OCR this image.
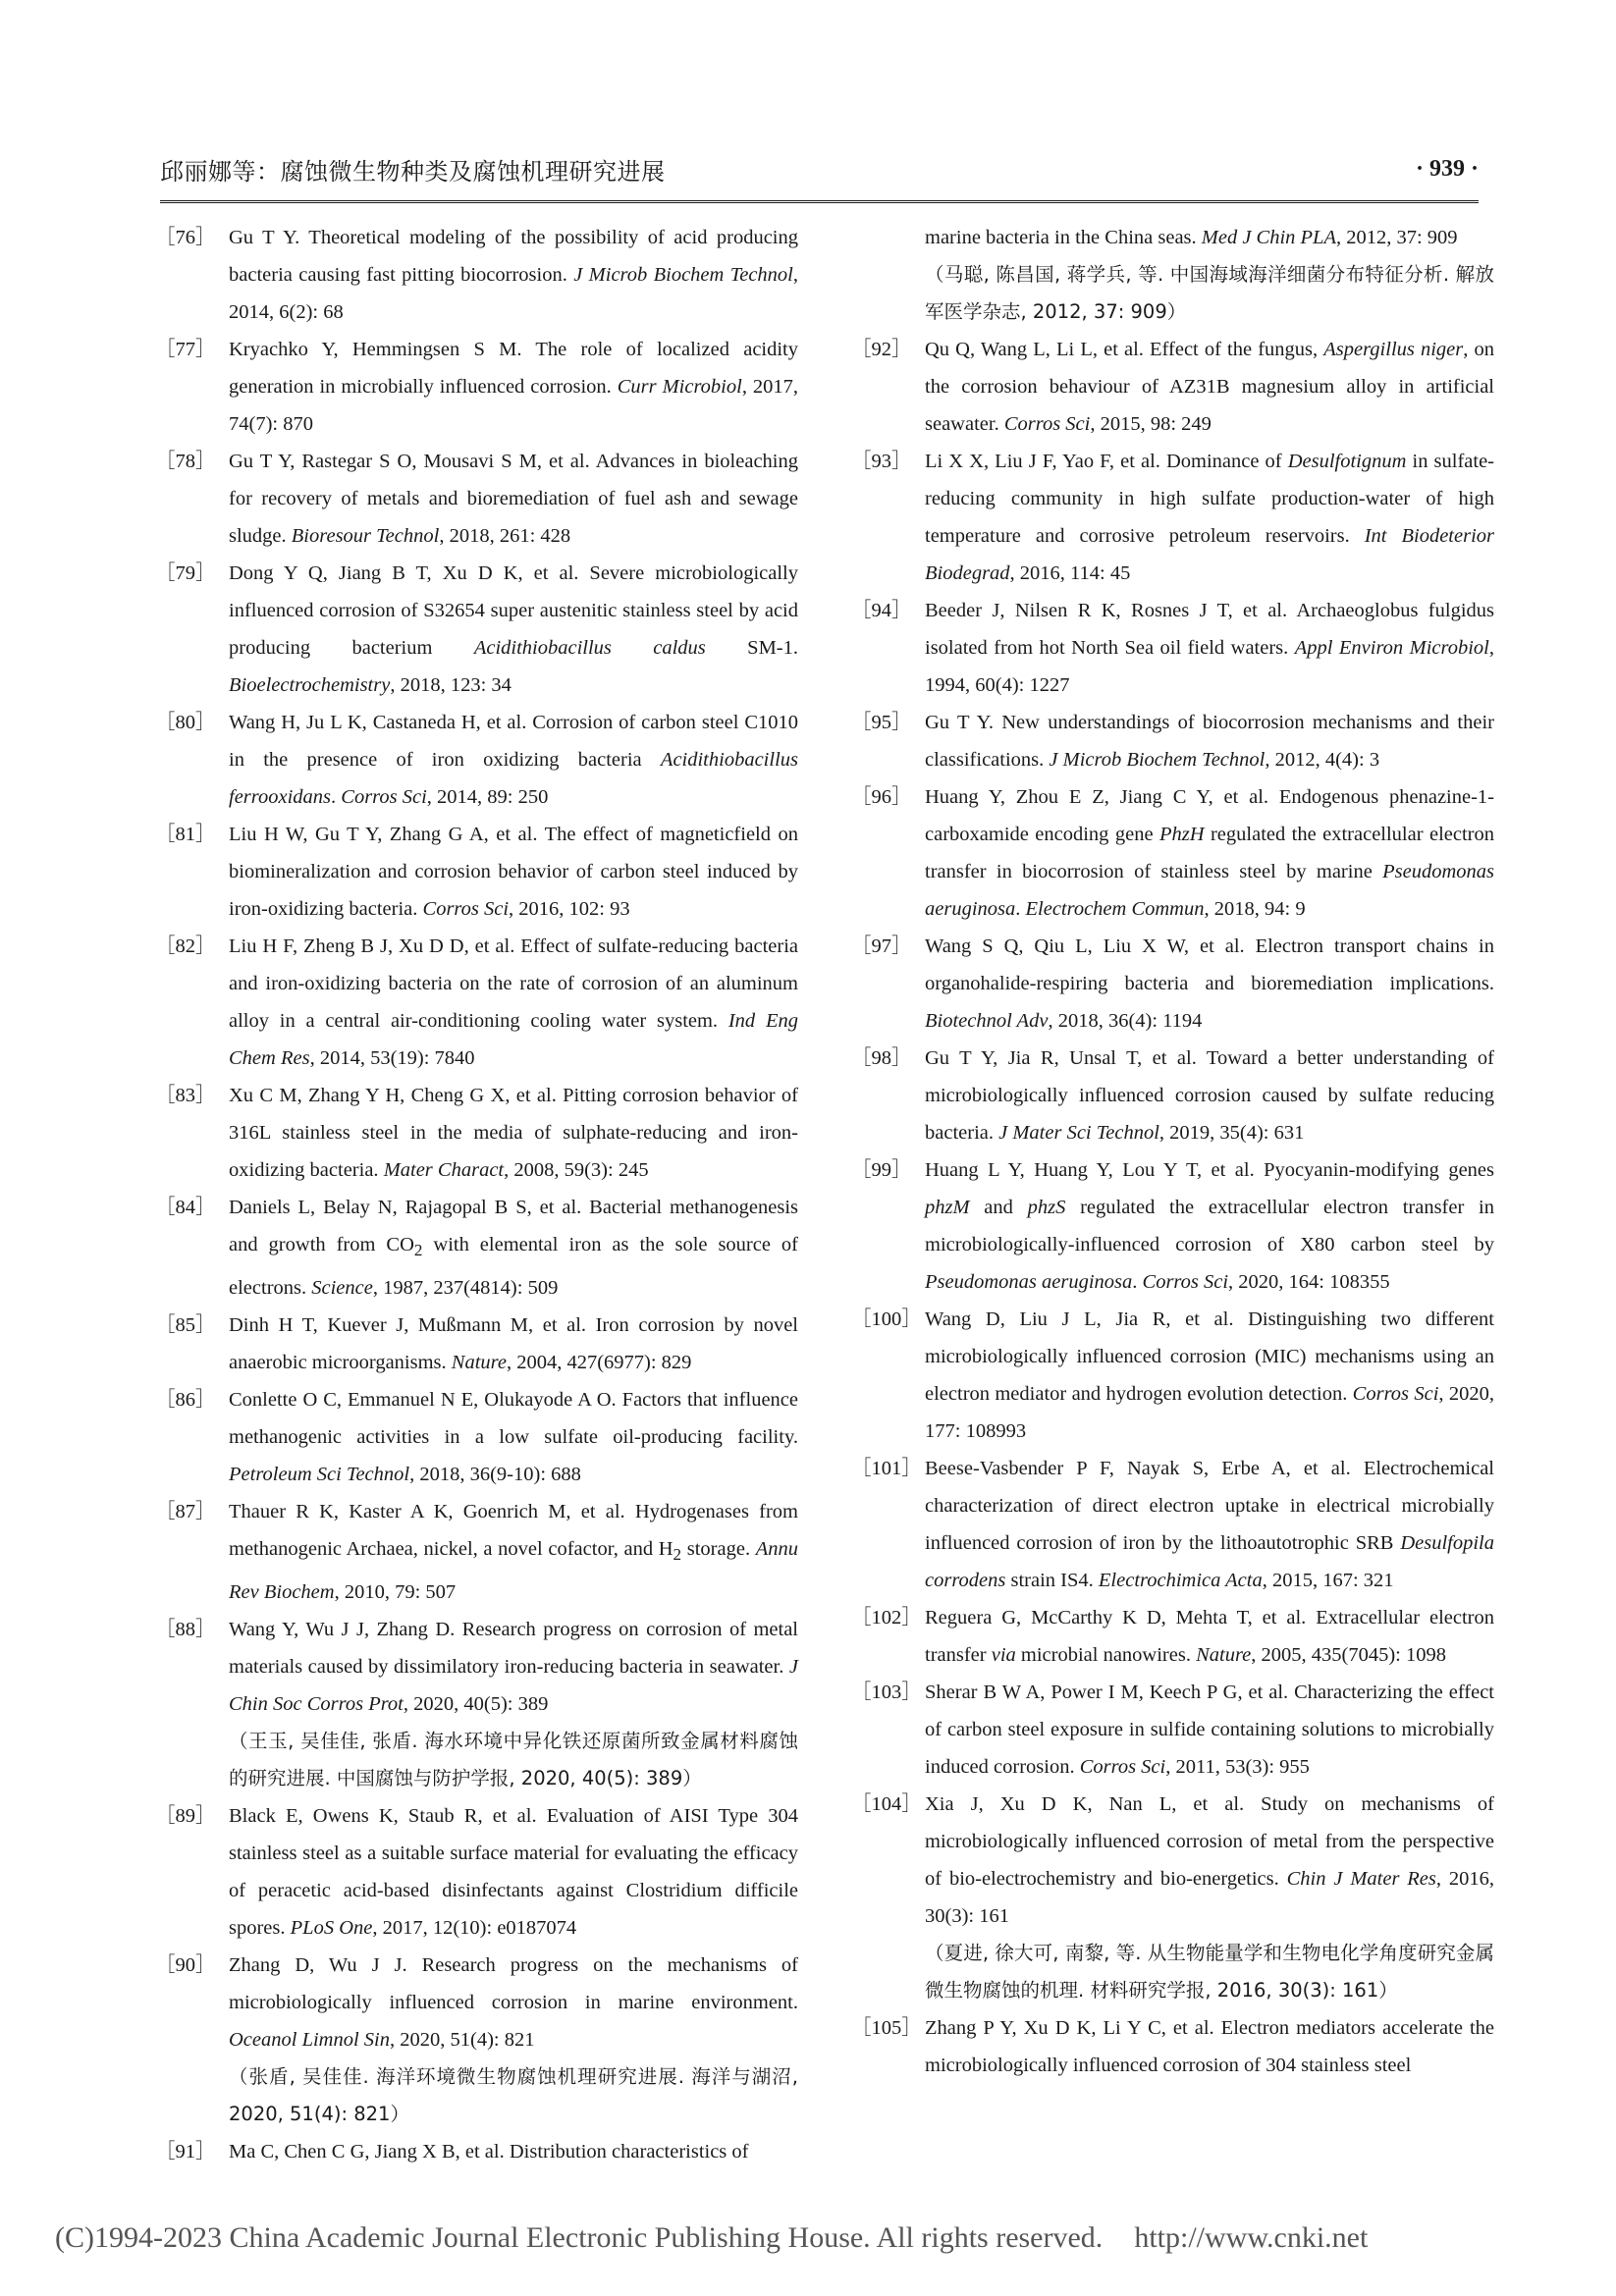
邱丽娜等：腐蚀微生物种类及腐蚀机理研究进展	· 939 ·
［ 76 ］	Gu T Y. Theoretical modeling of the possibility of acid producing bacteria causing fast pitting biocorrosion. J Microb Biochem Technol, 2014, 6(2): 68
［ 77 ］	Kryachko Y, Hemmingsen S M. The role of localized acidity generation in microbially influenced corrosion. Curr Microbiol, 2017, 74(7): 870
［ 78 ］	Gu T Y, Rastegar S O, Mousavi S M, et al. Advances in bioleaching for recovery of metals and bioremediation of fuel ash and sewage sludge. Bioresour Technol, 2018, 261: 428
［ 79 ］	Dong Y Q, Jiang B T, Xu D K, et al. Severe microbiologically influenced corrosion of S32654 super austenitic stainless steel by acid producing bacterium Acidithiobacillus caldus SM-1. Bioelectrochemistry, 2018, 123: 34
［ 80 ］	Wang H, Ju L K, Castaneda H, et al. Corrosion of carbon steel C1010 in the presence of iron oxidizing bacteria Acidithiobacillus ferrooxidans. Corros Sci, 2014, 89: 250
［ 81 ］	Liu H W, Gu T Y, Zhang G A, et al. The effect of magneticfield on biomineralization and corrosion behavior of carbon steel induced by iron-oxidizing bacteria. Corros Sci, 2016, 102: 93
［ 82 ］	Liu H F, Zheng B J, Xu D D, et al. Effect of sulfate-reducing bacteria and iron-oxidizing bacteria on the rate of corrosion of an aluminum alloy in a central air-conditioning cooling water system. Ind Eng Chem Res, 2014, 53(19): 7840
［ 83 ］	Xu C M, Zhang Y H, Cheng G X, et al. Pitting corrosion behavior of 316L stainless steel in the media of sulphate-reducing and iron-oxidizing bacteria. Mater Charact, 2008, 59(3): 245
［ 84 ］	Daniels L, Belay N, Rajagopal B S, et al. Bacterial methanogenesis and growth from $CO_2$ with elemental iron as the sole source of electrons. Science, 1987, 237(4814): 509
［ 85 ］	Dinh H T, Kuever J, Mußmann M, et al. Iron corrosion by novel anaerobic microorganisms. Nature, 2004, 427(6977): 829
［ 86 ］	Conlette O C, Emmanuel N E, Olukayode A O. Factors that influence methanogenic activities in a low sulfate oil-producing facility. Petroleum Sci Technol, 2018, 36(9-10): 688
［ 87 ］	Thauer R K, Kaster A K, Goenrich M, et al. Hydrogenases from methanogenic Archaea, nickel, a novel cofactor, and $H_2$ storage. Annu Rev Biochem, 2010, 79: 507
［ 88 ］	Wang Y, Wu J J, Zhang D. Research progress on corrosion of metal materials caused by dissimilatory iron-reducing bacteria in seawater. J Chin Soc Corros Prot, 2020, 40(5): 389
（王玉, 吴佳佳, 张盾. 海水环境中异化铁还原菌所致金属材料腐蚀的研究进展. 中国腐蚀与防护学报, 2020, 40(5): 389）
［ 89 ］	Black E, Owens K, Staub R, et al. Evaluation of AISI Type 304 stainless steel as a suitable surface material for evaluating the efficacy of peracetic acid-based disinfectants against Clostridium difficile spores. PLoS One, 2017, 12(10): e0187074
［ 90 ］	Zhang D, Wu J J. Research progress on the mechanisms of microbiologically influenced corrosion in marine environment. Oceanol Limnol Sin, 2020, 51(4): 821
（张盾, 吴佳佳. 海洋环境微生物腐蚀机理研究进展. 海洋与湖沼, 2020, 51(4): 821）
［ 91 ］	Ma C, Chen C G, Jiang X B, et al. Distribution characteristics of
marine bacteria in the China seas. Med J Chin PLA, 2012, 37: 909
（马聪, 陈昌国, 蒋学兵, 等. 中国海域海洋细菌分布特征分析. 解放军医学杂志, 2012, 37: 909）
［ 92 ］	Qu Q, Wang L, Li L, et al. Effect of the fungus, Aspergillus niger, on the corrosion behaviour of AZ31B magnesium alloy in artificial seawater. Corros Sci, 2015, 98: 249
［ 93 ］	Li X X, Liu J F, Yao F, et al. Dominance of Desulfotignum in sulfate-reducing community in high sulfate production-water of high temperature and corrosive petroleum reservoirs. Int Biodeterior Biodegrad, 2016, 114: 45
［ 94 ］	Beeder J, Nilsen R K, Rosnes J T, et al. Archaeoglobus fulgidus isolated from hot North Sea oil field waters. Appl Environ Microbiol, 1994, 60(4): 1227
［ 95 ］	Gu T Y. New understandings of biocorrosion mechanisms and their classifications. J Microb Biochem Technol, 2012, 4(4): 3
［ 96 ］	Huang Y, Zhou E Z, Jiang C Y, et al. Endogenous phenazine-1-carboxamide encoding gene PhzH regulated the extracellular electron transfer in biocorrosion of stainless steel by marine Pseudomonas aeruginosa. Electrochem Commun, 2018, 94: 9
［ 97 ］	Wang S Q, Qiu L, Liu X W, et al. Electron transport chains in organohalide-respiring bacteria and bioremediation implications. Biotechnol Adv, 2018, 36(4): 1194
［ 98 ］	Gu T Y, Jia R, Unsal T, et al. Toward a better understanding of microbiologically influenced corrosion caused by sulfate reducing bacteria. J Mater Sci Technol, 2019, 35(4): 631
［ 99 ］	Huang L Y, Huang Y, Lou Y T, et al. Pyocyanin-modifying genes phzM and phzS regulated the extracellular electron transfer in microbiologically-influenced corrosion of X80 carbon steel by Pseudomonas aeruginosa. Corros Sci, 2020, 164: 108355
［ 100 ］	Wang D, Liu J L, Jia R, et al. Distinguishing two different microbiologically influenced corrosion (MIC) mechanisms using an electron mediator and hydrogen evolution detection. Corros Sci, 2020, 177: 108993
［ 101 ］	Beese-Vasbender P F, Nayak S, Erbe A, et al. Electrochemical characterization of direct electron uptake in electrical microbially influenced corrosion of iron by the lithoautotrophic SRB Desulfopila corrodens strain IS4. Electrochimica Acta, 2015, 167: 321
［ 102 ］	Reguera G, McCarthy K D, Mehta T, et al. Extracellular electron transfer via microbial nanowires. Nature, 2005, 435(7045): 1098
［ 103 ］	Sherar B W A, Power I M, Keech P G, et al. Characterizing the effect of carbon steel exposure in sulfide containing solutions to microbially induced corrosion. Corros Sci, 2011, 53(3): 955
［ 104 ］	Xia J, Xu D K, Nan L, et al. Study on mechanisms of microbiologically influenced corrosion of metal from the perspective of bio-electrochemistry and bio-energetics. Chin J Mater Res, 2016, 30(3): 161
（夏进, 徐大可, 南黎, 等. 从生物能量学和生物电化学角度研究金属微生物腐蚀的机理. 材料研究学报, 2016, 30(3): 161）
［ 105 ］	Zhang P Y, Xu D K, Li Y C, et al. Electron mediators accelerate the microbiologically influenced corrosion of 304 stainless steel
(C)1994-2023 China Academic Journal Electronic Publishing House. All rights reserved. http://www.cnki.net
